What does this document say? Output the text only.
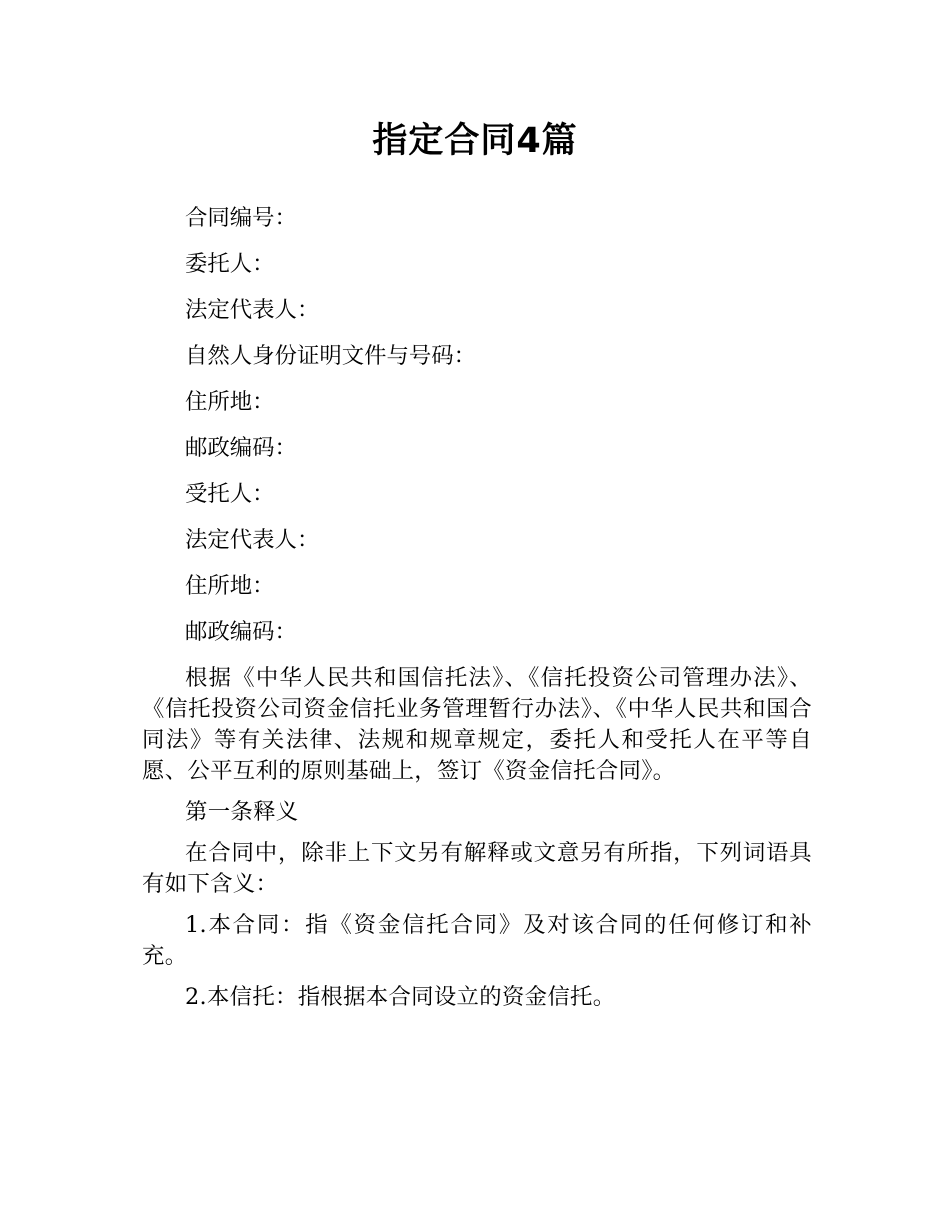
指定合同4篇

合同编号：

委托人：

法定代表人：

自然人身份证明文件与号码：

住所地：

邮政编码：

受托人：

法定代表人：

住所地：

邮政编码：

根据《中华人民共和国信托法》、《信托投资公司管理办法》、《信托投资公司资金信托业务管理暂行办法》、《中华人民共和国合同法》等有关法律、法规和规章规定，委托人和受托人在平等自愿、公平互利的原则基础上，签订《资金信托合同》。

第一条释义

在合同中，除非上下文另有解释或文意另有所指，下列词语具有如下含义：

1.本合同：指《资金信托合同》及对该合同的任何修订和补充。

2.本信托：指根据本合同设立的资金信托。
